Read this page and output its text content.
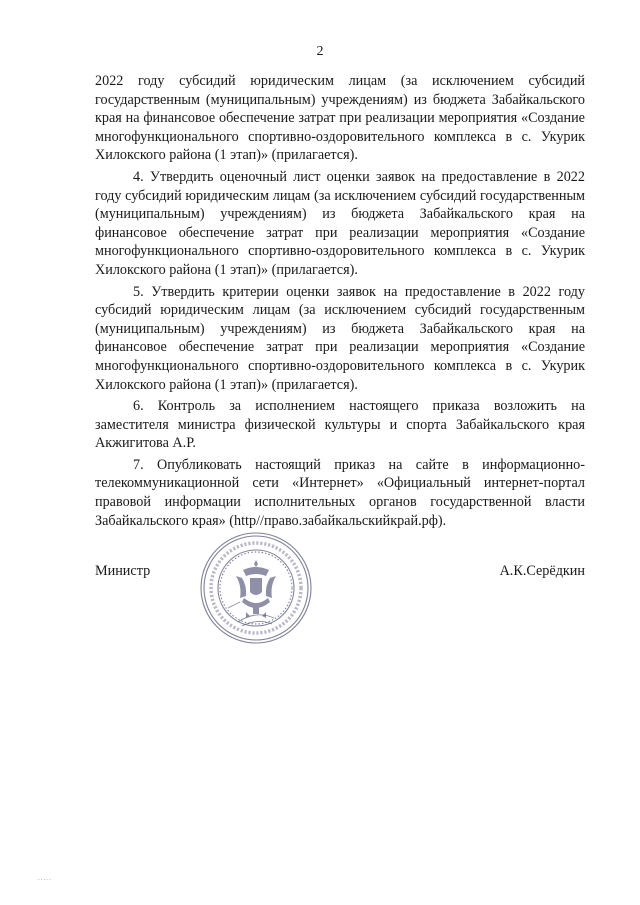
2

2022 году субсидий юридическим лицам (за исключением субсидий государственным (муниципальным) учреждениям) из бюджета Забайкальского края на финансовое обеспечение затрат при реализации мероприятия «Создание многофункционального спортивно-оздоровительного комплекса в с. Укурик Хилокского района (1 этап)» (прилагается).

4. Утвердить оценочный лист оценки заявок на предоставление в 2022 году субсидий юридическим лицам (за исключением субсидий государственным (муниципальным) учреждениям) из бюджета Забайкальского края на финансовое обеспечение затрат при реализации мероприятия «Создание многофункционального спортивно-оздоровительного комплекса в с. Укурик Хилокского района (1 этап)» (прилагается).

5. Утвердить критерии оценки заявок на предоставление в 2022 году субсидий юридическим лицам (за исключением субсидий государственным (муниципальным) учреждениям) из бюджета Забайкальского края на финансовое обеспечение затрат при реализации мероприятия «Создание многофункционального спортивно-оздоровительного комплекса в с. Укурик Хилокского района (1 этап)» (прилагается).

6. Контроль за исполнением настоящего приказа возложить на заместителя министра физической культуры и спорта Забайкальского края Акжигитова А.Р.

7. Опубликовать настоящий приказ на сайте в информационно-телекоммуникационной сети «Интернет» «Официальный интернет-портал правовой информации исполнительных органов государственной власти Забайкальского края» (http//право.забайкальскийкрай.рф).

Министр	А.К.Серёдкин
.....
